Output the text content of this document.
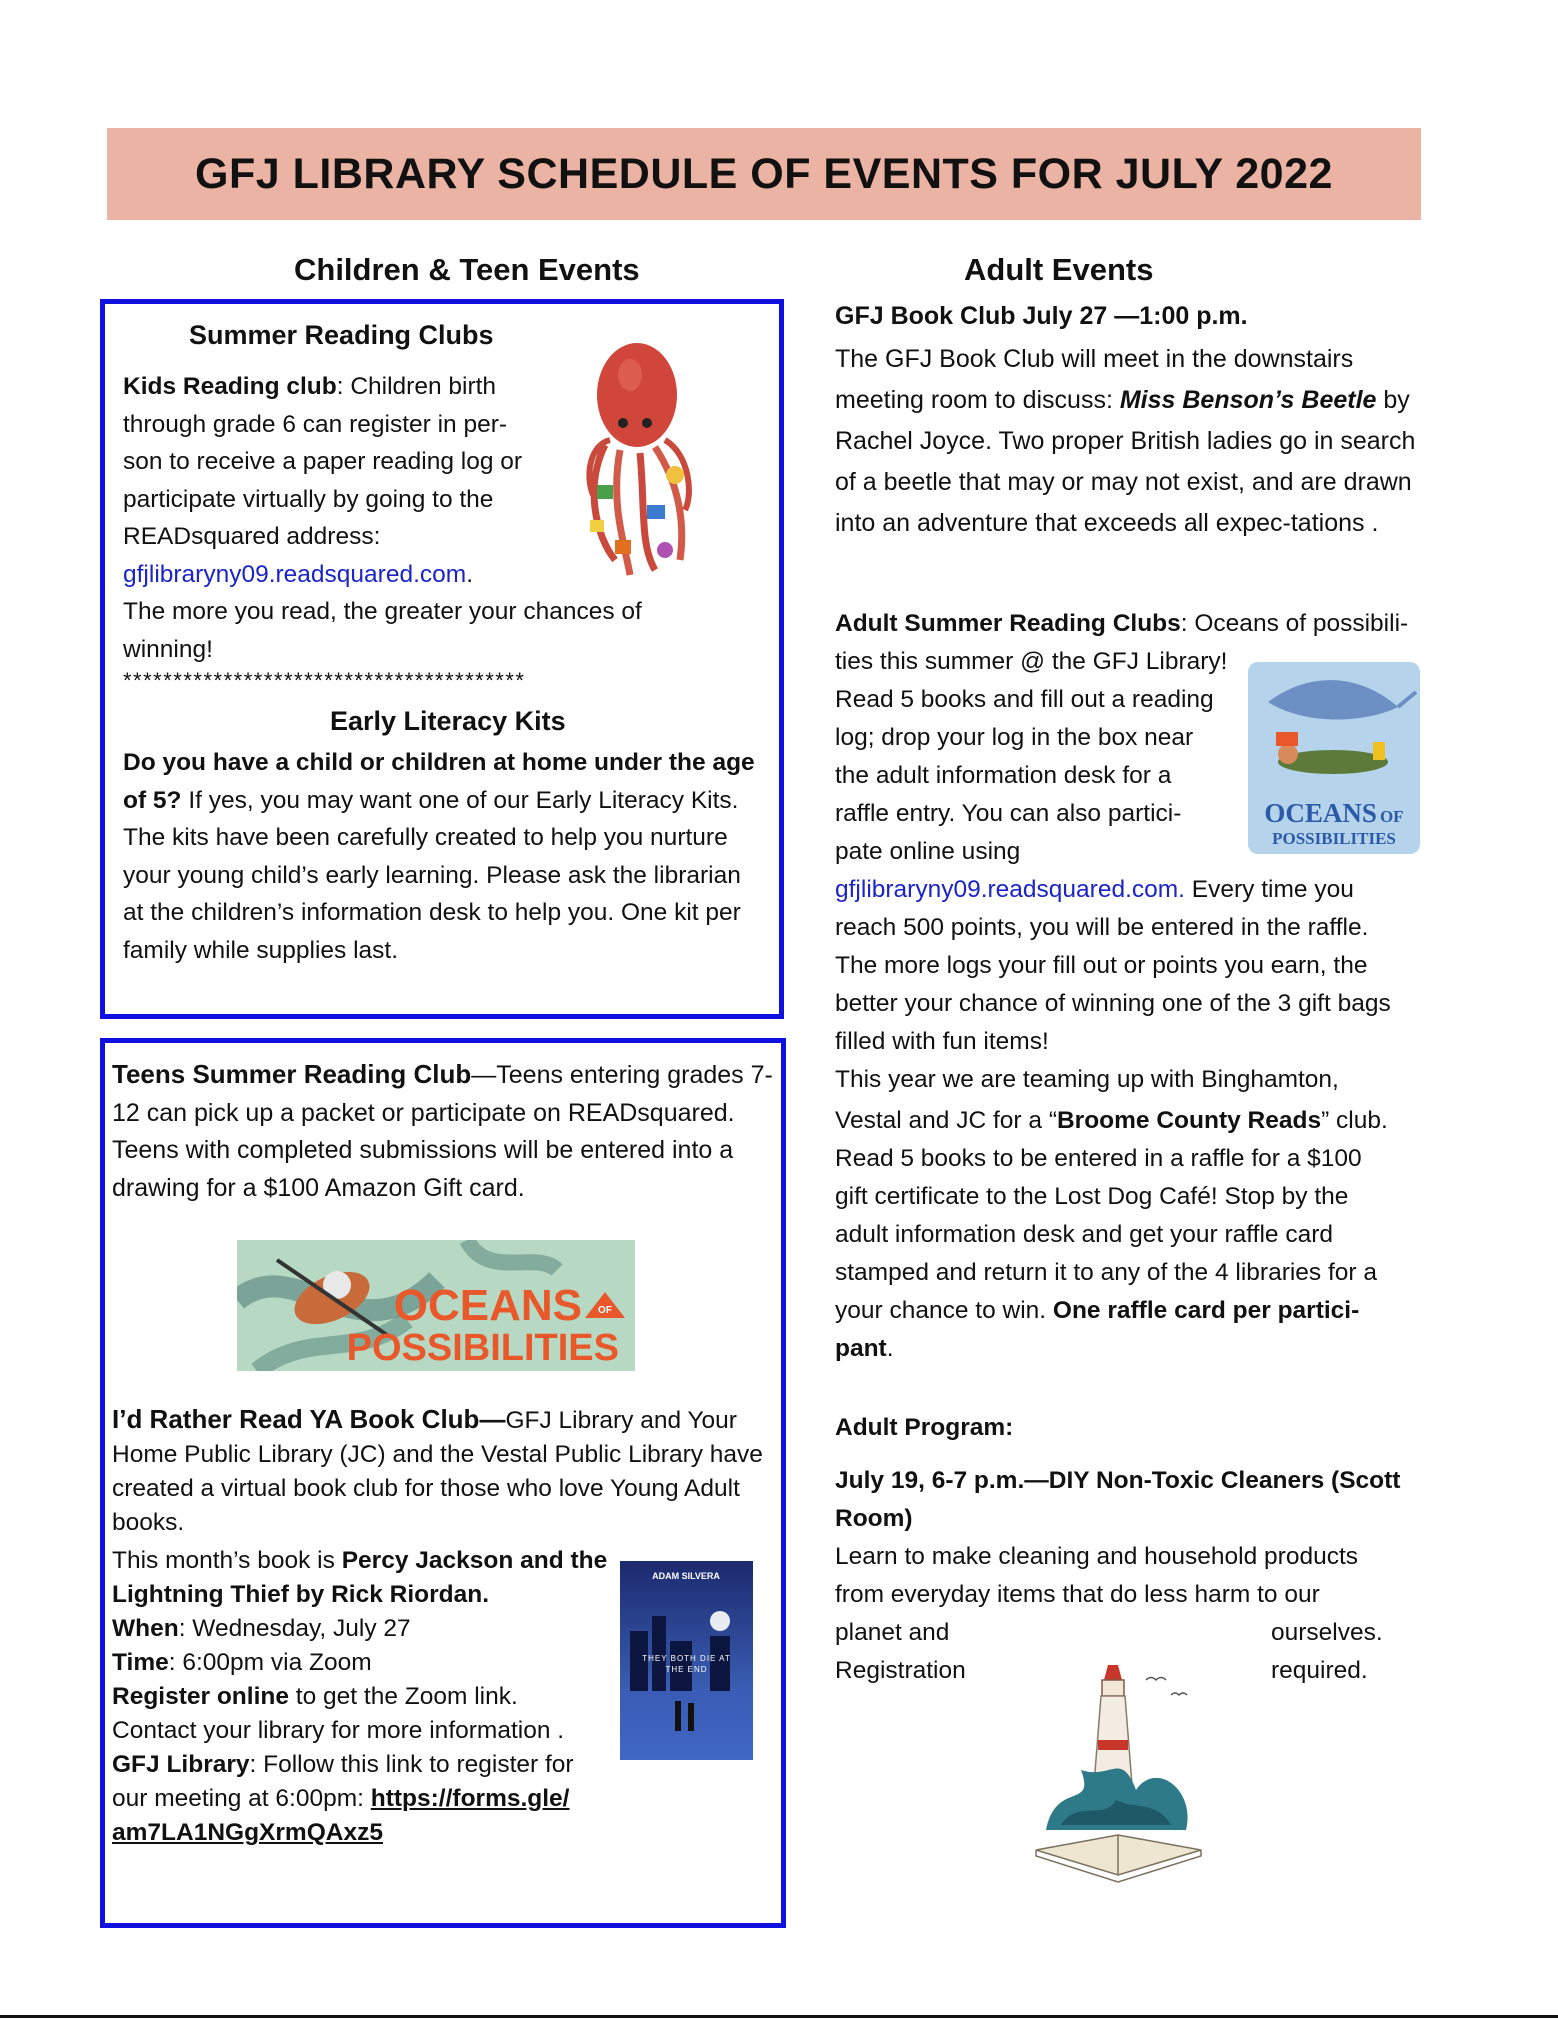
GFJ LIBRARY SCHEDULE OF EVENTS FOR JULY 2022
Children & Teen Events	Adult Events
Summer Reading Clubs
Kids Reading club: Children birth
through grade 6 can register in per-
son to receive a paper reading log or
participate virtually by going to the
READsquared address:
gfjlibraryny09.readsquared.com.
The more you read, the greater your chances of
winning!
****************************************
Early Literacy Kits
Do you have a child or children at home under the age of 5? If yes, you may want one of our Early Literacy Kits. The kits have been carefully created to help you nurture your young child’s early learning. Please ask the librarian at the children’s information desk to help you. One kit per family while supplies last.
Teens Summer Reading Club—Teens entering grades 7-12 can pick up a packet or participate on READsquared. Teens with completed submissions will be entered into a drawing for a $100 Amazon Gift card.
OCEANS OF
POSSIBILITIES
I’d Rather Read YA Book Club—GFJ Library and Your Home Public Library (JC) and the Vestal Public Library have created a virtual book club for those who love Young Adult books.
This month’s book is Percy Jackson and the
Lightning Thief by Rick Riordan.
When: Wednesday, July 27
Time: 6:00pm via Zoom
Register online to get the Zoom link.
Contact your library for more information .
GFJ Library: Follow this link to register for
our meeting at 6:00pm: https://forms.gle/
am7LA1NGgXrmQAxz5
ADAM SILVERA
THEY BOTH DIE AT THE END
GFJ Book Club July 27 —1:00 p.m.
The GFJ Book Club will meet in the downstairs meeting room to discuss: Miss Benson’s Beetle by Rachel Joyce. Two proper British ladies go in search of a beetle that may or may not exist, and are drawn into an adventure that exceeds all expec-tations .
Adult Summer Reading Clubs: Oceans of possibili-
ties this summer @ the GFJ Library!
Read 5 books and fill out a reading
log; drop your log in the box near
the adult information desk for a
raffle entry. You can also partici-
pate online using
OCEANS OF
POSSIBILITIES
gfjlibraryny09.readsquared.com. Every time you
reach 500 points, you will be entered in the raffle.
The more logs your fill out or points you earn, the
better your chance of winning one of the 3 gift bags
filled with fun items!
This year we are teaming up with Binghamton,
Vestal and JC for a “Broome County Reads” club.
Read 5 books to be entered in a raffle for a $100
gift certificate to the Lost Dog Café! Stop by the
adult information desk and get your raffle card
stamped and return it to any of the 4 libraries for a
your chance to win. One raffle card per partici-
pant.
Adult Program:
July 19, 6-7 p.m.—DIY Non-Toxic Cleaners (Scott
Room)
Learn to make cleaning and household products
from everyday items that do less harm to our
planet and
Registration
ourselves.
required.
